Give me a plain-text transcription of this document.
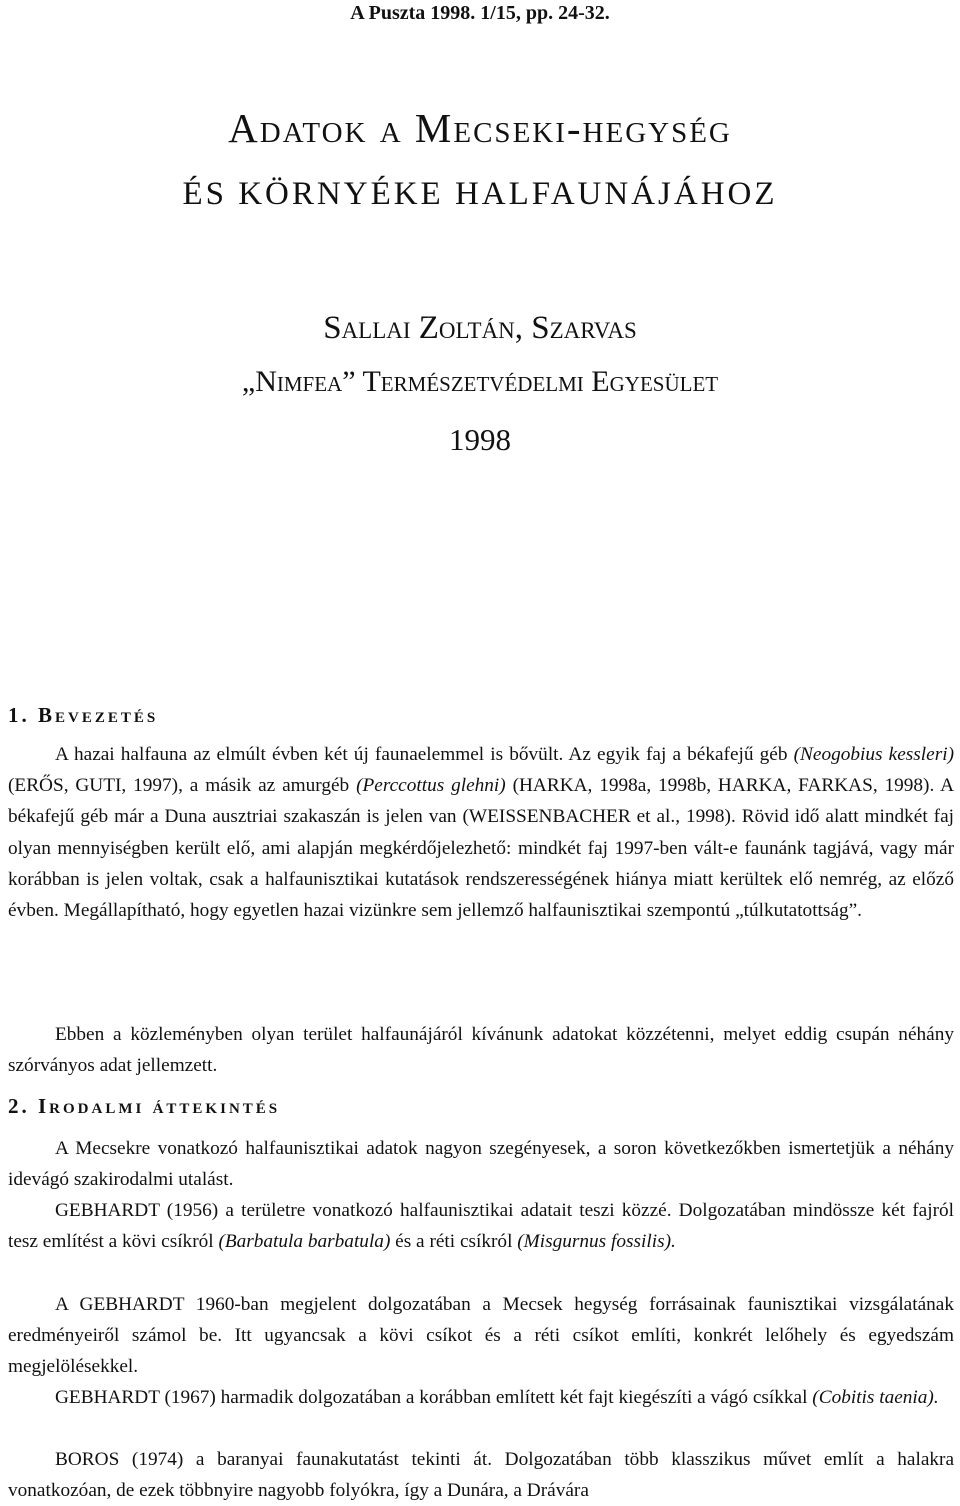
A Puszta 1998. 1/15, pp. 24-32.
Adatok a Mecseki-hegység
ÉS KÖRNYÉKE HALFAUNÁJÁHOZ
Sallai Zoltán, Szarvas
„Nimfea” Természetvédelmi Egyesület
1998
1. Bevezetés

A hazai halfauna az elmúlt évben két új faunaelemmel is bővült. Az egyik faj a békafejű géb (Neogobius kessleri) (ERŐS, GUTI, 1997), a másik az amurgéb (Perccottus glehni) (HARKA, 1998a, 1998b, HARKA, FARKAS, 1998). A békafejű géb már a Duna ausztriai szakaszán is jelen van (WEISSENBACHER et al., 1998). Rövid idő alatt mindkét faj olyan mennyiségben került elő, ami alapján megkérdőjelezhető: mindkét faj 1997-ben vált-e faunánk tagjává, vagy már korábban is jelen voltak, csak a halfaunisztikai kutatások rendszerességének hiánya miatt kerültek elő nemrég, az előző évben. Megállapítható, hogy egyetlen hazai vizünkre sem jellemző halfaunisztikai szempontú „túlkutatottság”.

Ebben a közleményben olyan terület halfaunájáról kívánunk adatokat közzétenni, melyet eddig csupán néhány szórványos adat jellemzett.

2. Irodalmi áttekintés

A Mecsekre vonatkozó halfaunisztikai adatok nagyon szegényesek, a soron következőkben ismertetjük a néhány idevágó szakirodalmi utalást.

GEBHARDT (1956) a területre vonatkozó halfaunisztikai adatait teszi közzé. Dolgozatában mindössze két fajról tesz említést a kövi csíkról (Barbatula barbatula) és a réti csíkról (Misgurnus fossilis).

A GEBHARDT 1960-ban megjelent dolgozatában a Mecsek hegység forrásainak faunisztikai vizsgálatának eredményeiről számol be. Itt ugyancsak a kövi csíkot és a réti csíkot említi, konkrét lelőhely és egyedszám megjelölésekkel.

GEBHARDT (1967) harmadik dolgozatában a korábban említett két fajt kiegészíti a vágó csíkkal (Cobitis taenia).

BOROS (1974) a baranyai faunakutatást tekinti át. Dolgozatában több klasszikus művet említ a halakra vonatkozóan, de ezek többnyire nagyobb folyókra, így a Dunára, a Drávára
